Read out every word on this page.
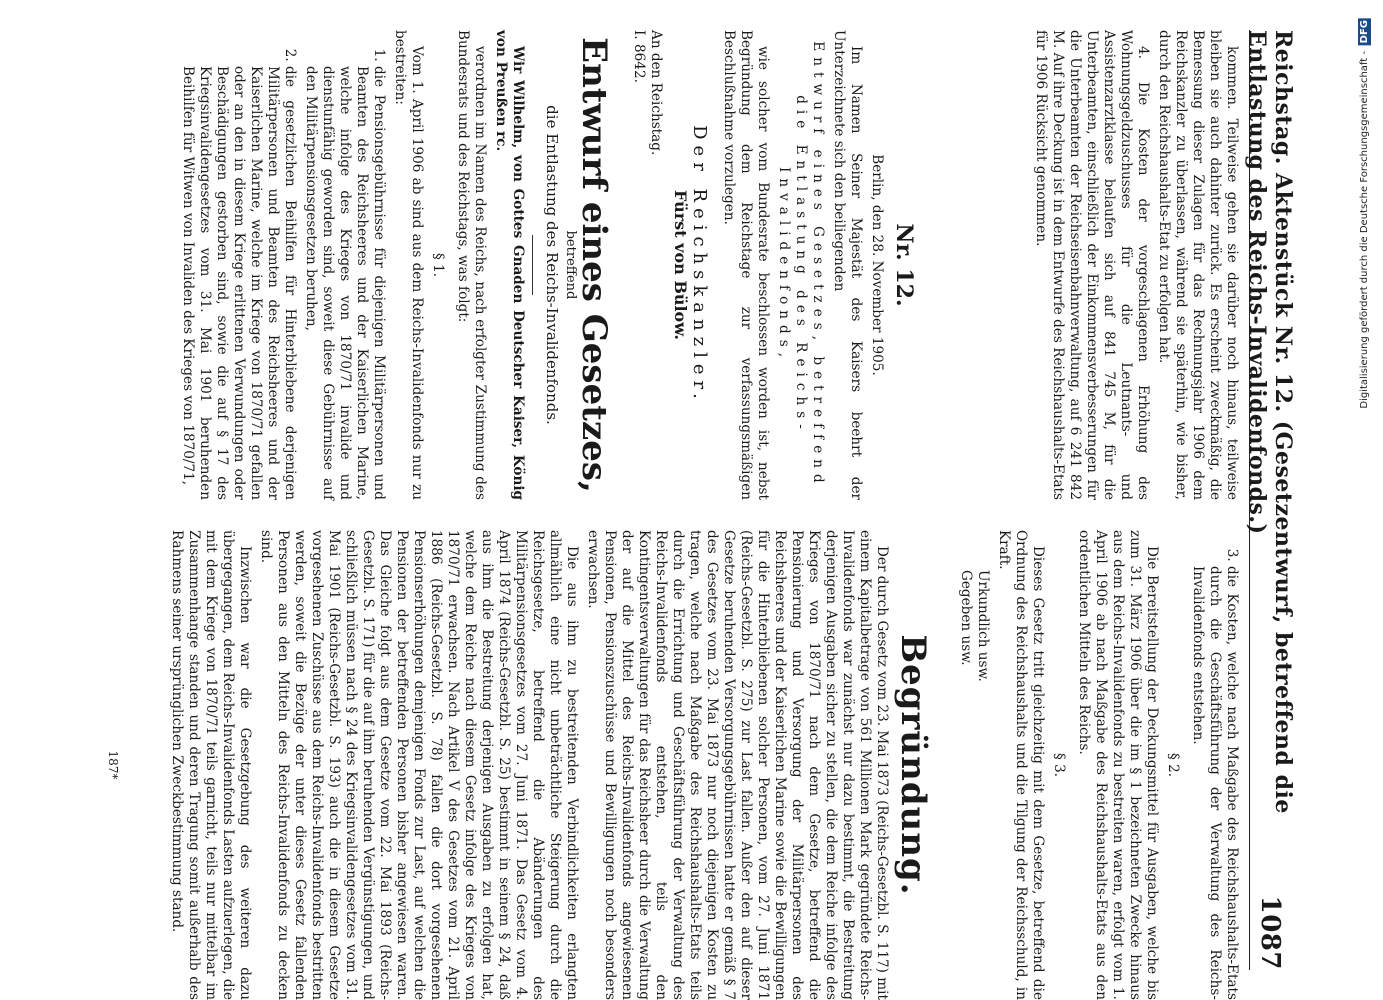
Reichstag. Aktenstück Nr. 12. (Gesetzentwurf, betreffend die Entlastung des Reichs-Invalidenfonds.)
1087

kommen. Teilweise gehen sie darüber noch hinaus, teilweise bleiben sie auch dahinter zurück. Es erscheint zweckmäßig, die Bemessung dieser Zulagen für das Rechnungsjahr 1906 dem Reichskanzler zu überlassen, während sie späterhin, wie bisher, durch den Reichshaushalts-Etat zu erfolgen hat.

4. Die Kosten der vorgeschlagenen Erhöhung des Wohnungsgeldzuschusses für die Leutnants- und Assistenzarztklasse belaufen sich auf 841 745 M, für die Unterbeamten, einschließlich der Einkommensverbesserungen für die Unterbeamten der Reichseisenbahnverwaltung, auf 6 241 842 M. Auf ihre Deckung ist in dem Entwurfe des Reichshaushalts-Etats für 1906 Rücksicht genommen.

Nr. 12.

Berlin, den 28. November 1905.

Im Namen Seiner Majestät des Kaisers beehrt der Unterzeichnete sich den beiliegenden

Entwurf eines Gesetzes, betreffend die Entlastung des Reichs-Invalidenfonds,

wie solcher vom Bundesrate beschlossen worden ist, nebst Begründung dem Reichstage zur verfassungsmäßigen Beschlußnahme vorzulegen.

Der Reichskanzler.
Fürst von Bülow.

An den Reichstag.

I. 8642.

Entwurf eines Gesetzes,
betreffend
die Entlastung des Reichs-Invalidenfonds.

Wir Wilhelm, von Gottes Gnaden Deutscher Kaiser, König von Preußen rc.

verordnen im Namen des Reichs, nach erfolgter Zustimmung des Bundesrats und des Reichstags, was folgt:

§ 1.

Vom 1. April 1906 ab sind aus dem Reichs-Invalidenfonds nur zu bestreiten:

1. die Pensionsgebührnisse für diejenigen Militärpersonen und Beamten des Reichsheeres und der Kaiserlichen Marine, welche infolge des Krieges von 1870/71 invalide und dienstunfähig geworden sind, soweit diese Gebührnisse auf den Militärpensionsgesetzen beruhen,
2. die gesetzlichen Beihilfen für Hinterbliebene derjenigen Militärpersonen und Beamten des Reichsheeres und der Kaiserlichen Marine, welche im Kriege von 1870/71 gefallen oder an den in diesem Kriege erlittenen Verwundungen oder Beschädigungen gestorben sind, sowie die auf § 17 des Kriegsinvalidengesetzes vom 31. Mai 1901 beruhenden Beihilfen für Witwen von Invaliden des Krieges von 1870/71,
3. die Kosten, welche nach Maßgabe des Reichshaushalts-Etats durch die Geschäftsführung der Verwaltung des Reichs-Invalidenfonds entstehen.

§ 2.

Die Bereitstellung der Deckungsmittel für Ausgaben, welche bis zum 31. März 1906 über die im § 1 bezeichneten Zwecke hinaus aus dem Reichs-Invalidenfonds zu bestreiten waren, erfolgt vom 1. April 1906 ab nach Maßgabe des Reichshaushalts-Etats aus den ordentlichen Mitteln des Reichs.

§ 3.

Dieses Gesetz tritt gleichzeitig mit dem Gesetze, betreffend die Ordnung des Reichshaushalts und die Tilgung der Reichsschuld, in Kraft.

Urkundlich usw.

Gegeben usw.

Begründung.

Der durch Gesetz vom 23. Mai 1873 (Reichs-Gesetzbl. S. 117) mit einem Kapitalbetrage von 561 Millionen Mark gegründete Reichs-Invalidenfonds war zunächst nur dazu bestimmt, die Bestreitung derjenigen Ausgaben sicher zu stellen, die dem Reiche infolge des Krieges von 1870/71 nach dem Gesetze, betreffend die Pensionierung und Versorgung der Militärpersonen des Reichsheeres und der Kaiserlichen Marine sowie die Bewilligungen für die Hinterbliebenen solcher Personen, vom 27. Juni 1871 (Reichs-Gesetzbl. S. 275) zur Last fallen. Außer den auf dieser Gesetze beruhenden Versorgungsgebührnissen hatte er gemäß § 7 des Gesetzes vom 23. Mai 1873 nur noch diejenigen Kosten zu tragen, welche nach Maßgabe des Reichshaushalts-Etats teils durch die Errichtung und Geschäftsführung der Verwaltung des Reichs-Invalidenfonds entstehen, teils den Kontingentsverwaltungen für das Reichsheer durch die Verwaltung der auf die Mittel des Reichs-Invalidenfonds angewiesenen Pensionen, Pensionszuschüsse und Bewilligungen noch besonders erwachsen.

Die aus ihm zu bestreitenden Verbindlichkeiten erlangten allmählich eine nicht unbeträchtliche Steigerung durch die Reichsgesetze, betreffend die Abänderungen des Militärpensionsgesetzes vom 27. Juni 1871. Das Gesetz vom 4. April 1874 (Reichs-Gesetzbl. S. 25) bestimmt in seinem § 24, daß aus ihm die Bestreitung derjenigen Ausgaben zu erfolgen hat, welche dem Reiche nach diesem Gesetz infolge des Krieges von 1870/71 erwachsen. Nach Artikel V des Gesetzes vom 21. April 1886 (Reichs-Gesetzbl. S. 78) fallen die dort vorgesehenen Pensionserhöhungen demjenigen Fonds zur Last, auf welchen die Pensionen der betreffenden Personen bisher angewiesen waren. Das Gleiche folgt aus dem Gesetze vom 22. Mai 1893 (Reichs-Gesetzbl. S. 171) für die auf ihm beruhenden Vergünstigungen, und schließlich müssen nach § 24 des Kriegsinvalidengesetzes vom 31. Mai 1901 (Reichs-Gesetzbl. S. 193) auch die in diesem Gesetze vorgesehenen Zuschüsse aus dem Reichs-Invalidenfonds bestritten werden, soweit die Bezüge der unter dieses Gesetz fallenden Personen aus den Mitteln des Reichs-Invalidenfonds zu decken sind.

Inzwischen war die Gesetzgebung des weiteren dazu übergegangen, dem Reichs-Invalidenfonds Lasten aufzuerlegen, die mit dem Kriege von 1870/71 teils garnicht, teils nur mittelbar im Zusammenhange standen und deren Tragung somit außerhalb des Rahmens seiner ursprünglichen Zweckbestimmung stand.

187*
DFG
Digitalisierung gefördert durch die Deutsche Forschungsgemeinschaft -
